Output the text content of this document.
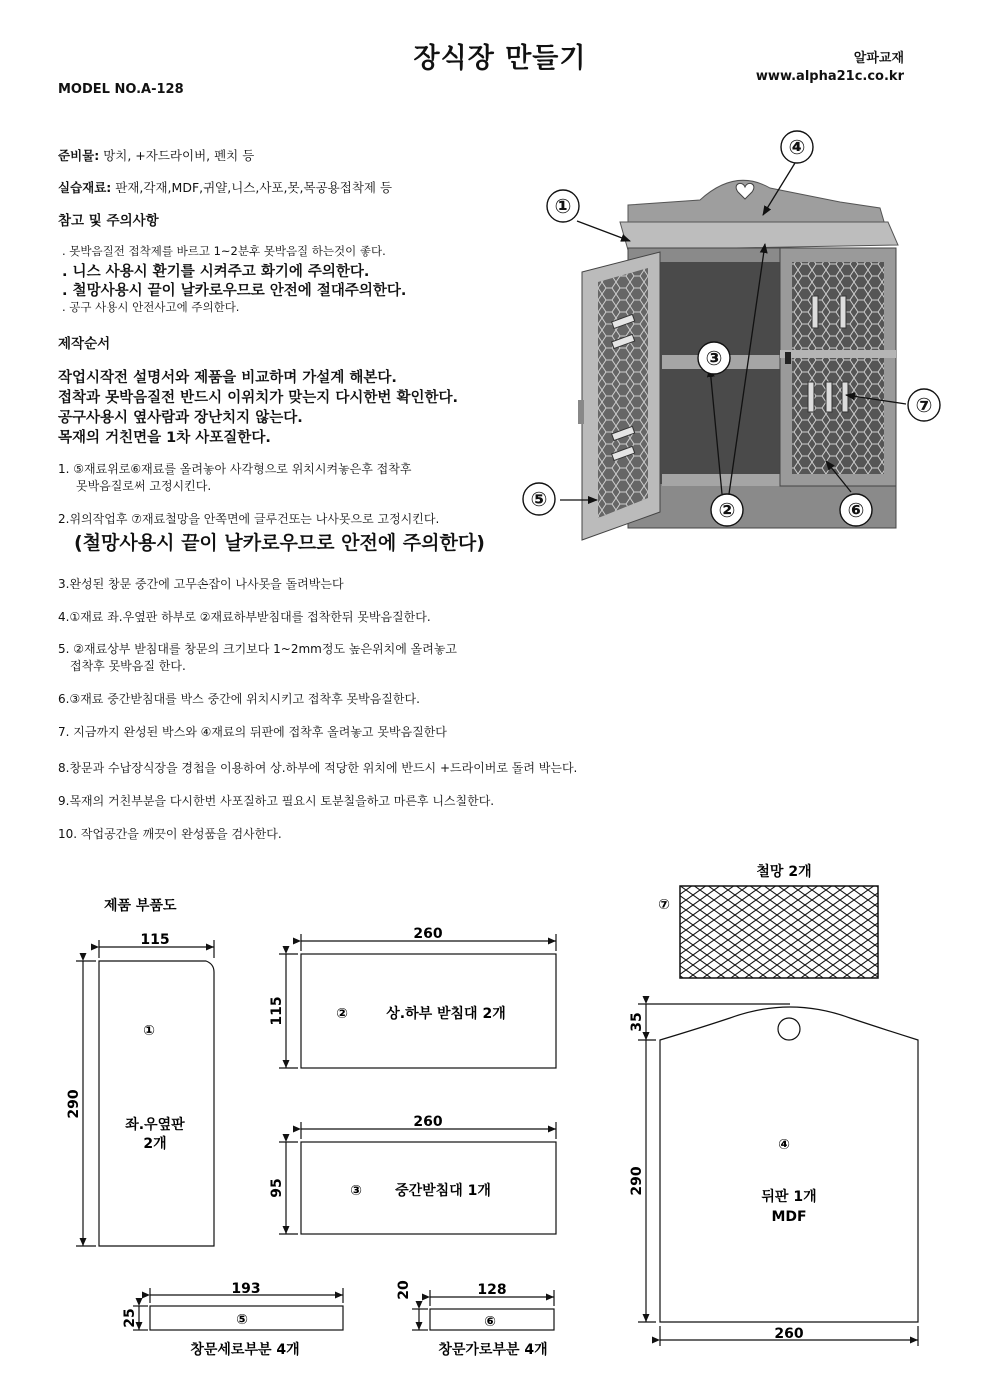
장식장 만들기	알파교재
www.alpha21c.co.kr
MODEL NO.A-128
준비물: 망치, +자드라이버, 펜치 등
실습재료: 판재,각재,MDF,귀얄,니스,사포,못,목공용접착제 등
참고 및 주의사항
. 못박음질전 접착제를 바르고 1~2분후 못박음질 하는것이 좋다.
. 니스 사용시 환기를 시켜주고 화기에 주의한다.
. 철망사용시 끝이 날카로우므로 안전에 절대주의한다.
. 공구 사용시 안전사고에 주의한다.
제작순서
작업시작전 설명서와 제품을 비교하며 가설계 해본다.
접착과 못박음질전 반드시 이위치가 맞는지 다시한번 확인한다.
공구사용시 옆사람과 장난치지 않는다.
목재의 거친면을 1차 사포질한다.
1. ⑤재료위로⑥재료를 올려놓아 사각형으로 위치시켜놓은후 접착후
못박음질로써 고정시킨다.
2.위의작업후 ⑦재료철망을 안쪽면에 글루건또는 나사못으로 고정시킨다.
(철망사용시 끝이 날카로우므로 안전에 주의한다)
3.완성된 창문 중간에 고무손잡이 나사못을 돌려박는다
4.①재료 좌.우옆판 하부로 ②재료하부받침대를 접착한뒤 못박음질한다.
5. ②재료상부 받침대를 창문의 크기보다 1~2mm정도 높은위치에 올려놓고
접착후 못박음질 한다.
6.③재료 중간받침대를 박스 중간에 위치시키고 접착후 못박음질한다.
7. 지금까지 완성된 박스와 ④재료의 뒤판에 접착후 올려놓고 못박음질한다
8.창문과 수납장식장을 경첩을 이용하여 상.하부에 적당한 위치에 반드시 +드라이버로 돌려 박는다.
9.목재의 거친부분을 다시한번 사포질하고 필요시 토분칠을하고 마른후 니스칠한다.
10. 작업공간을 깨끗이 완성품을 검사한다.
①
④
③
⑦
⑤	②	⑥
제품 부품도
115
290
①
좌.우옆판
2개
260
115	②	상.하부 받침대 2개
260
95	③ 중간받침대 1개
193
25	⑤
창문세로부분 4개
128
20
⑥
창문가로부분 4개
철망 2개
⑦
260
290
35
④
뒤판 1개
MDF
